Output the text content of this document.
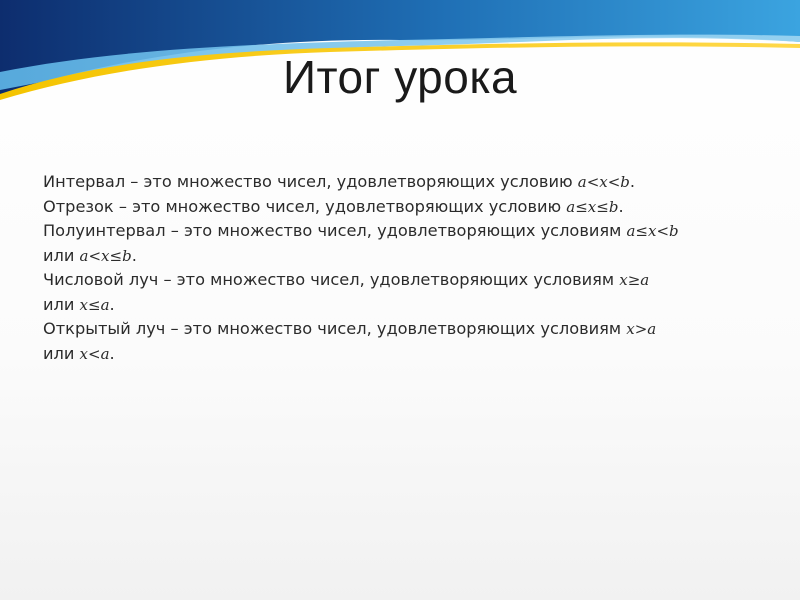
Итог урока
Интервал – это множество чисел, удовлетворяющих условию a<x<b.
Отрезок – это множество чисел, удовлетворяющих условию a≤x≤b.
Полуинтервал – это множество чисел, удовлетворяющих условиям a≤x<b
или a<x≤b.
Числовой луч – это множество чисел, удовлетворяющих условиям x≥a
или x≤a.
Открытый луч – это множество чисел, удовлетворяющих условиям x>a
или x<a.
